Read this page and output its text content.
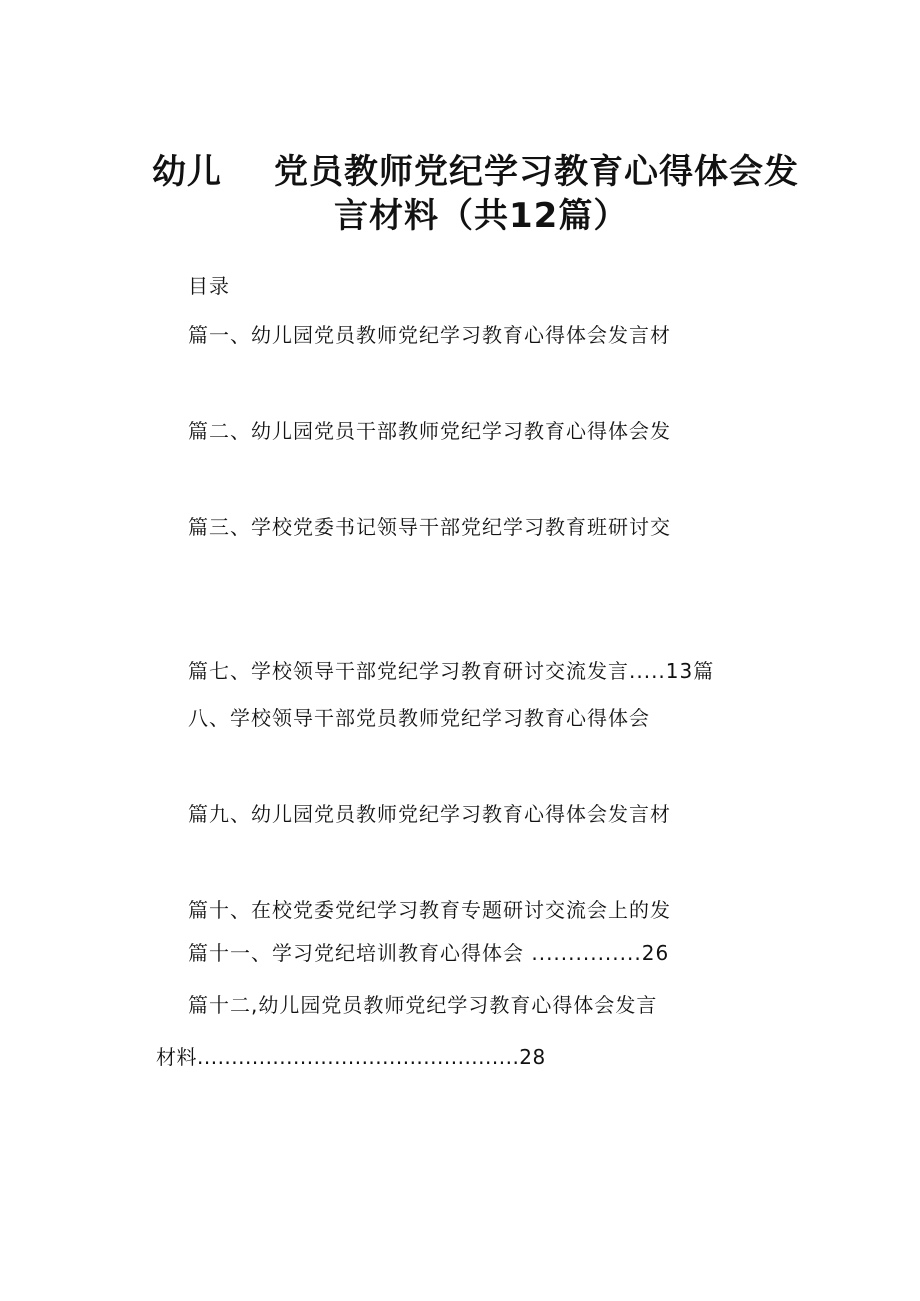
幼儿 党员教师党纪学习教育心得体会发
言材料（共12篇）
目录
篇一、幼儿园党员教师党纪学习教育心得体会发言材
篇二、幼儿园党员干部教师党纪学习教育心得体会发
篇三、学校党委书记领导干部党纪学习教育班研讨交
篇七、学校领导干部党纪学习教育研讨交流发言.....13篇
八、学校领导干部党员教师党纪学习教育心得体会
篇九、幼儿园党员教师党纪学习教育心得体会发言材
篇十、在校党委党纪学习教育专题研讨交流会上的发
篇十一、学习党纪培训教育心得体会 ...............26
篇十二,幼儿园党员教师党纪学习教育心得体会发言
材料...............................................28
